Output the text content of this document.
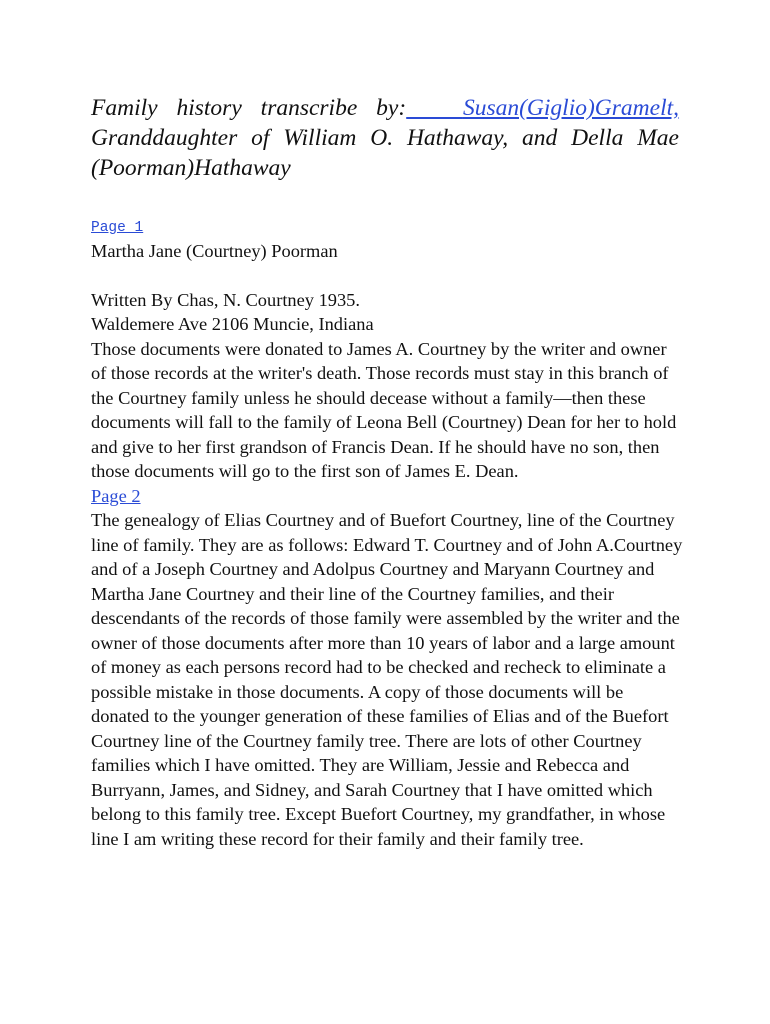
Family history transcribe by: Susan(Giglio)Gramelt, Granddaughter of William O. Hathaway, and Della Mae (Poorman)Hathaway
Page 1

Martha Jane (Courtney) Poorman

Written By Chas, N. Courtney 1935.

Waldemere Ave 2106 Muncie, Indiana

Those documents were donated to James A. Courtney by the writer and owner of those records at the writer's death. Those records must stay in this branch of the Courtney family unless he should decease without a family—then these documents will fall to the family of Leona Bell (Courtney) Dean for her to hold and give to her first grandson of Francis Dean. If he should have no son, then those documents will go to the first son of James E. Dean.

Page 2

The genealogy of Elias Courtney and of Buefort Courtney, line of the Courtney line of family. They are as follows: Edward T. Courtney and of John A.Courtney and of a Joseph Courtney and Adolpus Courtney and Maryann Courtney and Martha Jane Courtney and their line of the Courtney families, and their descendants of the records of those family were assembled by the writer and the owner of those documents after more than 10 years of labor and a large amount of money as each persons record had to be checked and recheck to eliminate a possible mistake in those documents. A copy of those documents will be donated to the younger generation of these families of Elias and of the Buefort Courtney line of the Courtney family tree. There are lots of other Courtney families which I have omitted. They are William, Jessie and Rebecca and Burryann, James, and Sidney, and Sarah Courtney that I have omitted which belong to this family tree. Except Buefort Courtney, my grandfather, in whose line I am writing these record for their family and their family tree.
